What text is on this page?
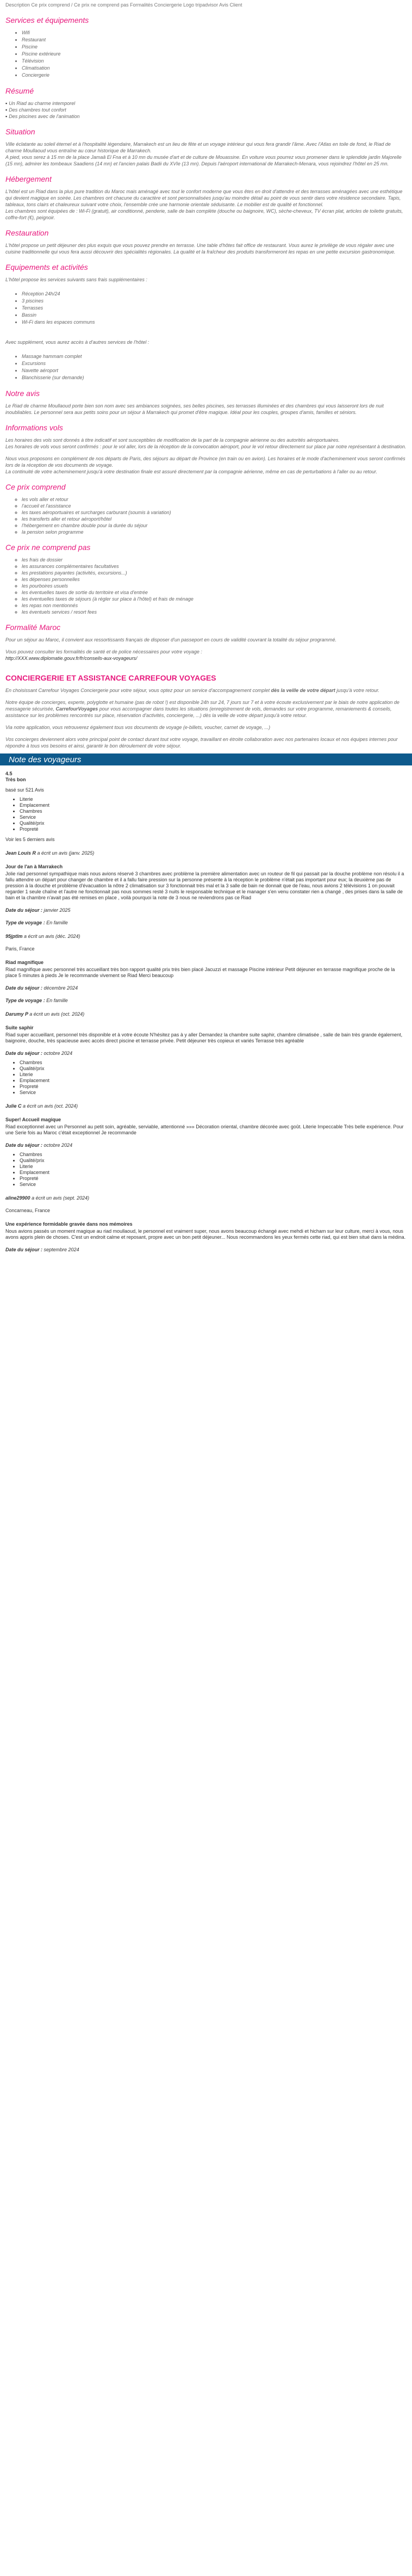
Description Ce prix comprend / Ce prix ne comprend pas Formalités Conciergerie Logo tripadvisor Avis Client
Services et équipements
• Wifi
• Restaurant
• Piscine
• Piscine extérieure
• Télévision
• Climatisation
• Conciergerie
Résumé
▪ Un Riad au charme intemporel
▪ Des chambres tout confort
▪ Des piscines avec de l'animation
Situation

Ville éclatante au soleil éternel et à l'hospitalité légendaire, Marrakech est un lieu de fête et un voyage intérieur qui vous fera grandir l'âme. Avec l'Atlas en toile de fond, le Riad de charme Moullaoud vous entraîne au cœur historique de Marrakech.

A pied, vous serez à 15 mn de la place Jamaâ El Fna et à 10 mn du musée d'art et de culture de Mouassine. En voiture vous pourrez vous promener dans le splendide jardin Majorelle (15 mn), admirer les tombeaux Saadiens (14 mn) et l'ancien palais Badii du XVIe (13 mn). Depuis l'aéroport international de Marrakech-Menara, vous rejoindrez l'hôtel en 25 mn.

Hébergement

L'hôtel est un Riad dans la plus pure tradition du Maroc mais aménagé avec tout le confort moderne que vous êtes en droit d'attendre et des terrasses aménagées avec une esthétique qui devient magique en soirée. Les chambres ont chacune du caractère et sont personnalisées jusqu'au moindre détail au point de vous sentir dans votre résidence secondaire. Tapis, tableaux, tons clairs et chaleureux suivant votre choix, l'ensemble crée une harmonie orientale séduisante. Le mobilier est de qualité et fonctionnel.

Les chambres sont équipées de : Wi-Fi (gratuit), air conditionné, penderie, salle de bain complète (douche ou baignoire, WC), sèche-cheveux, TV écran plat, articles de toilette gratuits, coffre-fort (€), peignoir.

Restauration

L'hôtel propose un petit déjeuner des plus exquis que vous pouvez prendre en terrasse. Une table d'hôtes fait office de restaurant. Vous aurez le privilège de vous régaler avec une cuisine traditionnelle qui vous fera aussi découvrir des spécialités régionales. La qualité et la fraîcheur des produits transformeront les repas en une petite excursion gastronomique.

Equipements et activités

L'hôtel propose les services suivants sans frais supplémentaires :

• Réception 24h/24
• 3 piscines
• Terrasses
• Bassin
• Wi-Fi dans les espaces communs

Avec supplément, vous aurez accès à d'autres services de l'hôtel :

• Massage hammam complet
• Excursions
• Navette aéroport
• Blanchisserie (sur demande)
Notre avis

Le Riad de charme Moullaoud porte bien son nom avec ses ambiances soignées, ses belles piscines, ses terrasses illuminées et des chambres qui vous laisseront lors de nuit inoubliables. Le personnel sera aux petits soins pour un séjour à Marrakech qui promet d'être magique. Idéal pour les couples, groupes d'amis, familles et séniors.

Informations vols

Les horaires des vols sont donnés à titre indicatif et sont susceptibles de modification de la part de la compagnie aérienne ou des autorités aéroportuaires.

Les horaires de vols vous seront confirmés : pour le vol aller, lors de la réception de la convocation aéroport, pour le vol retour directement sur place par notre représentant à destination.

Nous vous proposons en complément de nos départs de Paris, des séjours au départ de Province (en train ou en avion). Les horaires et le mode d'acheminement vous seront confirmés lors de la réception de vos documents de voyage.

La continuité de votre acheminement jusqu'à votre destination finale est assuré directement par la compagnie aérienne, même en cas de perturbations à l'aller ou au retour.

Ce prix comprend
◦ les vols aller et retour
◦ l'accueil et l'assistance
◦ les taxes aéroportuaires et surcharges carburant (soumis à variation)
◦ les transferts aller et retour aéroport/hôtel
◦ l'hébergement en chambre double pour la durée du séjour
◦ la pension selon programme
Ce prix ne comprend pas
◦ les frais de dossier
◦ les assurances complémentaires facultatives
◦ les prestations payantes (activités, excursions...)
◦ les dépenses personnelles
◦ les pourboires usuels
◦ les éventuelles taxes de sortie du territoire et visa d'entrée
◦ les éventuelles taxes de séjours (à régler sur place à l'hôtel) et frais de ménage
◦ les repas non mentionnés
◦ les éventuels services / resort fees
Formalité Maroc

Pour un séjour au Maroc, il convient aux ressortissants français de disposer d'un passeport en cours de validité couvrant la totalité du séjour programmé.

Vous pouvez consulter les formalités de santé et de police nécessaires pour votre voyage :

http://XXX.www.diplomatie.gouv.fr/fr/conseils-aux-voyageurs/

CONCIERGERIE ET ASSISTANCE CARREFOUR VOYAGES

En choisissant Carrefour Voyages Conciergerie pour votre séjour, vous optez pour un service d'accompagnement complet dès la veille de votre départ jusqu'à votre retour.

Notre équipe de concierges, experte, polyglotte et humaine (pas de robot !) est disponible 24h sur 24, 7 jours sur 7 et à votre écoute exclusivement par le biais de notre application de messagerie sécurisée, CarrefourVoyages pour vous accompagner dans toutes les situations (enregistrement de vols, demandes sur votre programme, remaniements & conseils, assistance sur les problèmes rencontrés sur place, réservation d'activités, conciergerie, ...) dès la veille de votre départ jusqu'à votre retour.

Via notre application, vous retrouverez également tous vos documents de voyage (e-billets, voucher, carnet de voyage, ...)

Vos concierges deviennent alors votre principal point de contact durant tout votre voyage, travaillant en étroite collaboration avec nos partenaires locaux et nos équipes internes pour répondre à tous vos besoins et ainsi, garantir le bon déroulement de votre séjour.

Note des voyageurs
4.5
Très bon
basé sur 521 Avis
• Literie
• Emplacement
• Chambres
• Service
• Qualité/prix
• Propreté
Voir les 5 derniers avis
Jean Louis R a écrit un avis (janv. 2025)
Jour de l'an à Marrakech
Jolie riad personnel sympathique mais nous avions réservé 3 chambres avec problème la première alimentation avec un routeur de fil qui passait par la douche problème non résolu il a fallu attendre un départ pour changer de chambre et il a fallu faire pression sur la personne présente à la réception le problème n'était pas important pour eux; la deuxième pas de pression à la douche et problème d'évacuation la nôtre 2 climatisation sur 3 fonctionnait très mal et la 3 salle de bain ne donnait que de l'eau, nous avions 2 télévisions 1 on pouvait regarder 1 seule chaîne et l'autre ne fonctionnait pas nous sommes resté 3 nuits le responsable technique et le manager s'en venu constater rien a changé , des prises dans la salle de bain et la chambre n'avait pas été remises en place , voilà pourquoi la note de 3 nous ne reviendrons pas ce Riad
Date du séjour : janvier 2025
Type de voyage : En famille
95jptlm a écrit un avis (déc. 2024)
Paris, France
Riad magnifique
Riad magnifique avec personnel très accueillant très bon rapport qualité prix très bien placé Jacuzzi et massage Piscine intérieur Petit déjeuner en terrasse magnifique proche de la place 5 minutes à pieds Je le recommande vivement se Riad Merci beaucoup
Date du séjour : décembre 2024
Type de voyage : En famille
Darumy P a écrit un avis (oct. 2024)
Suite saphir
Riad super accueillant, personnel très disponible et à votre écoute N'hésitez pas à y aller Demandez la chambre suite saphir, chambre climatisée , salle de bain très grande également, baignoire, douche, très spacieuse avec accès direct piscine et terrasse privée. Petit déjeuner très copieux et variés Terrasse très agréable
Date du séjour : octobre 2024
• Chambres
• Qualité/prix
• Literie
• Emplacement
• Propreté
• Service
Julie C a écrit un avis (oct. 2024)
Super! Accueil magique
Riad exceptionnel avec un Personnel au petit soin, agréable, serviable, attentionné »»» Décoration oriental, chambre décorée avec goût. Literie Impeccable Très belle expérience. Pour une Serie fois au Maroc c'était exceptionnel Je recommande
Date du séjour : octobre 2024
• Chambres
• Qualité/prix
• Literie
• Emplacement
• Propreté
• Service
aline29900 a écrit un avis (sept. 2024)
Concarneau, France
Une expérience formidable gravée dans nos mémoires
Nous avions passés un moment magique au riad moullaoud, le personnel est vraiment super, nous avons beaucoup échangé avec mehdi et hicham sur leur culture, merci à vous, nous avons appris plein de choses. C'est un endroit calme et reposant, propre avec un bon petit déjeuner... Nous recommandons les yeux fermés cette riad, qui est bien situé dans la médina.
Date du séjour : septembre 2024
